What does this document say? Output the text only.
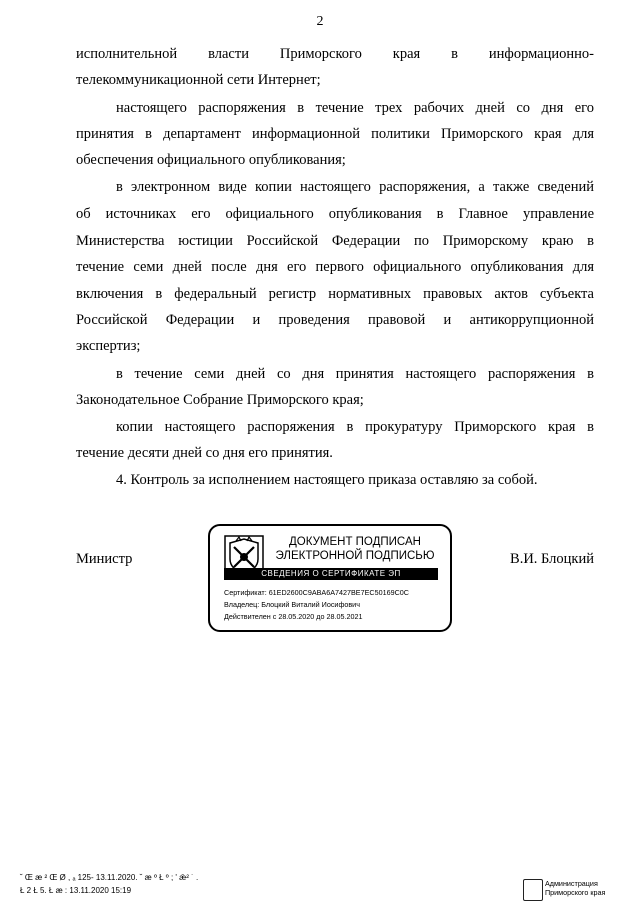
2
исполнительной власти Приморского края в информационно-
телекоммуникационной сети Интернет;
настоящего распоряжения в течение трех рабочих дней со дня его
принятия в департамент информационной политики Приморского края для
обеспечения официального опубликования;
в электронном виде копии настоящего распоряжения, а также сведений
об источниках его официального опубликования в Главное управление
Министерства юстиции Российской Федерации по Приморскому краю в
течение семи дней после дня его первого официального опубликования для
включения в федеральный регистр нормативных правовых актов субъекта
Российской Федерации и проведения правовой и антикоррупционной
экспертиз;
в течение семи дней со дня принятия настоящего распоряжения в
Законодательное Собрание Приморского края;
копии настоящего распоряжения в прокуратуру Приморского края в
течение десяти дней со дня его принятия.
4. Контроль за исполнением настоящего приказа оставляю за собой.
Министр	В.И. Блоцкий
ДОКУМЕНТ ПОДПИСАН
ЭЛЕКТРОННОЙ ПОДПИСЬЮ
СВЕДЕНИЯ О СЕРТИФИКАТЕ ЭП
Сертификат: 61ED2600C9ABA6A7427BE7EC50169C0C
Владелец: Блоцкий Виталий Иосифович
Действителен с 28.05.2020 до 28.05.2021
˘ Œ æ ² Œ Ø , ₐ 125- 13.11.2020. ˘ æ º Ł º ; ' ǣ² ˙ .
Ł 2 Ł 5. Ł æ : 13.11.2020 15:19
Администрация
Приморского края
